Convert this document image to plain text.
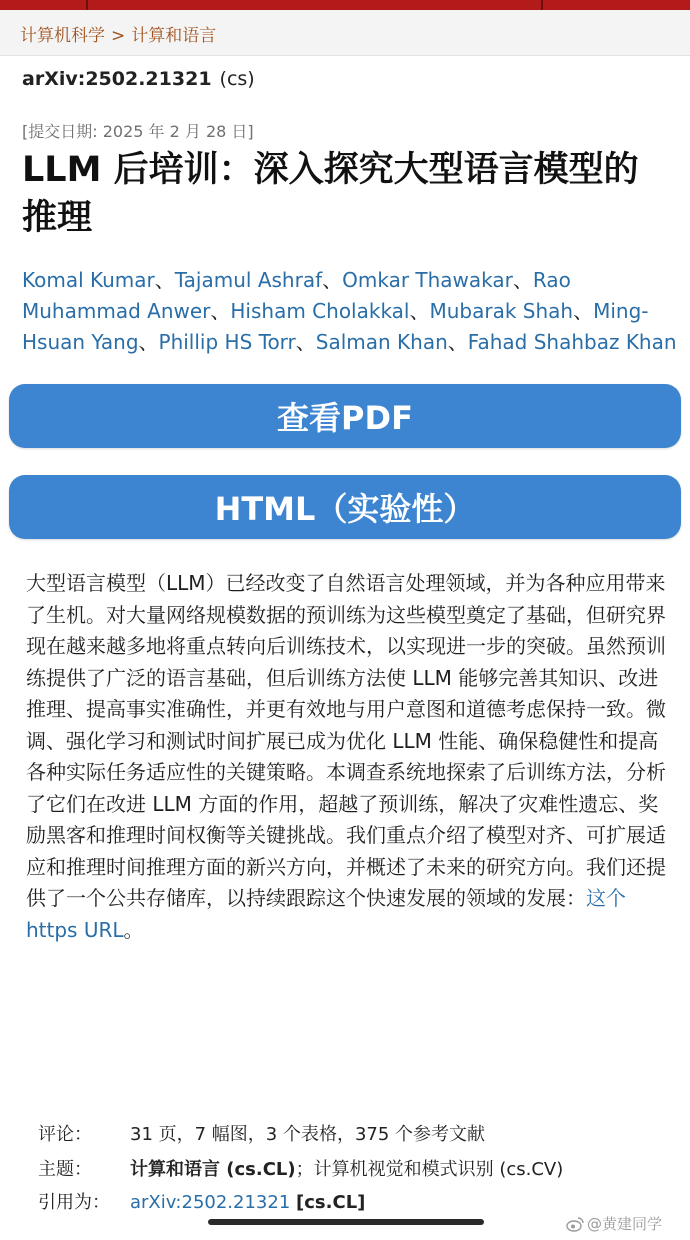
计算机科学 > 计算和语言
arXiv:2502.21321 (cs)
[提交日期: 2025 年 2 月 28 日]
LLM 后培训：深入探究大型语言模型的推理
Komal Kumar、Tajamul Ashraf、Omkar Thawakar、Rao Muhammad Anwer、Hisham Cholakkal、Mubarak Shah、Ming-Hsuan Yang、Phillip HS Torr、Salman Khan、Fahad Shahbaz Khan
查看PDF
HTML（实验性）

大型语言模型（LLM）已经改变了自然语言处理领域，并为各种应用带来了生机。对大量网络规模数据的预训练为这些模型奠定了基础，但研究界现在越来越多地将重点转向后训练技术，以实现进一步的突破。虽然预训练提供了广泛的语言基础，但后训练方法使 LLM 能够完善其知识、改进推理、提高事实准确性，并更有效地与用户意图和道德考虑保持一致。微调、强化学习和测试时间扩展已成为优化 LLM 性能、确保稳健性和提高各种实际任务适应性的关键策略。本调查系统地探索了后训练方法，分析了它们在改进 LLM 方面的作用，超越了预训练，解决了灾难性遗忘、奖励黑客和推理时间权衡等关键挑战。我们重点介绍了模型对齐、可扩展适应和推理时间推理方面的新兴方向，并概述了未来的研究方向。我们还提供了一个公共存储库，以持续跟踪这个快速发展的领域的发展：这个 https URL。

评论： 31 页，7 幅图，3 个表格，375 个参考文献
主题： 计算和语言 (cs.CL)；计算机视觉和模式识别 (cs.CV)
引用为： arXiv:2502.21321 [cs.CL]
@黄建同学
